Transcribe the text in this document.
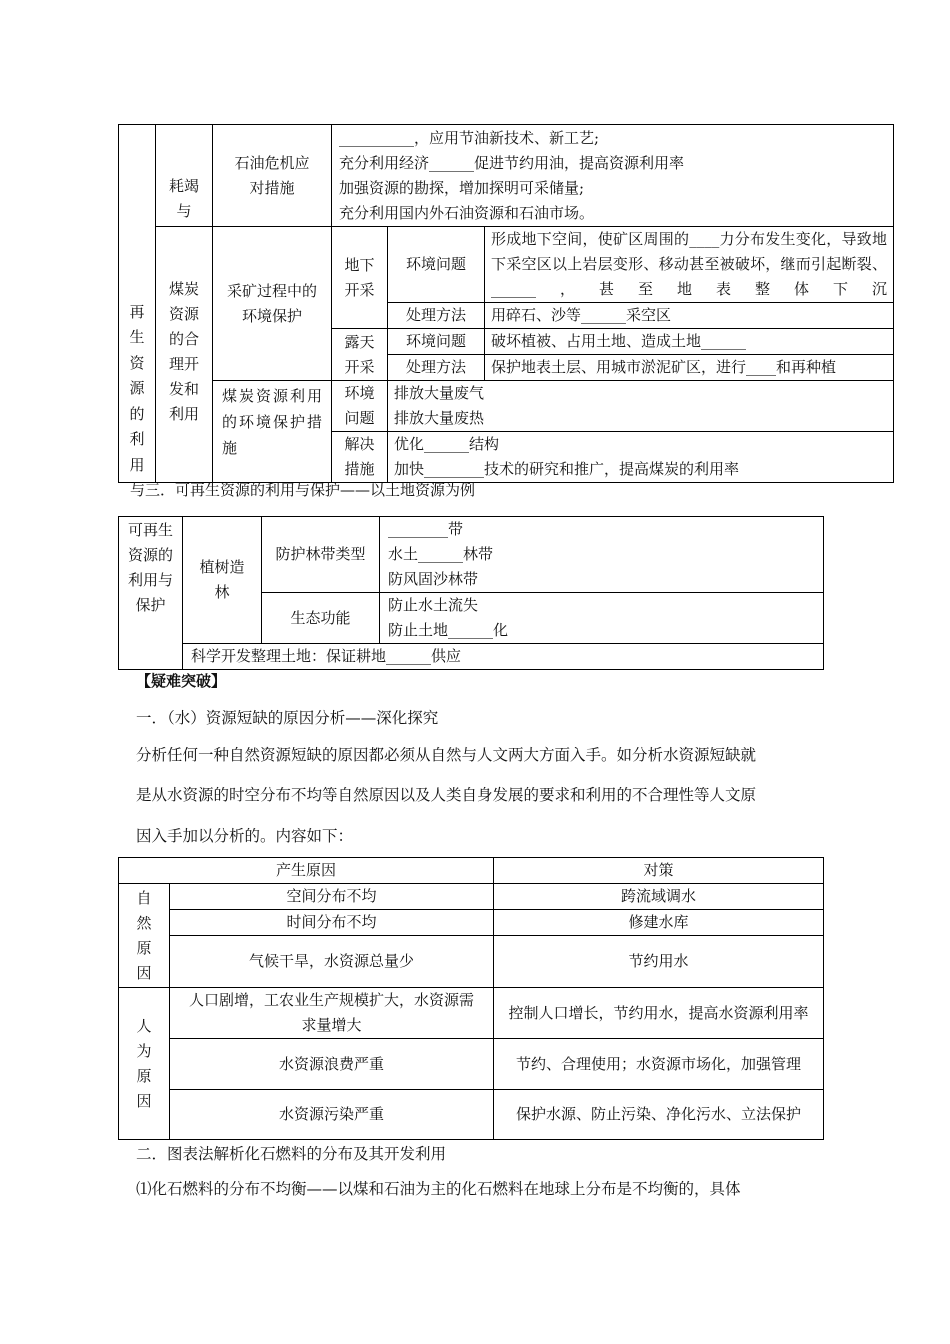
再生资源的利用	耗竭与	石油危机应对措施	__________，应用节油新技术、新工艺;
充分利用经济______促进节约用油，提高资源利用率
加强资源的勘探，增加探明可采储量;
充分利用国内外石油资源和石油市场。		

	煤炭资源的合理开发和利用	采矿过程中的环境保护	地下开采	环境问题	形成地下空间，使矿区周围的____力分布发生变化，导致地下采空区以上岩层变形、移动甚至被破坏，继而引起断裂、______，甚至地表整体下沉

				处理方法	用碎石、沙等______采空区

			露天开采	环境问题	破坏植被、占用土地、造成土地______
				处理方法	保护地表土层、用城市淤泥矿区，进行____和再种植

		煤炭资源利用的环境保护措施	环境问题	排放大量废气
排放大量废热	

			解决措施	优化______结构
加快________技术的研究和推广，提高煤炭的利用率	
与三．可再生资源的利用与保护——以土地资源为例
可再生资源的利用与保护	植树造林	防护林带类型	________带
水土______林带
防风固沙林带

		生态功能	防止水土流失
防止土地______化

	科学开发整理土地：保证耕地______供应		
【疑难突破】
一．（水）资源短缺的原因分析——深化探究
分析任何一种自然资源短缺的原因都必须从自然与人文两大方面入手。如分析水资源短缺就
是从水资源的时空分布不均等自然原因以及人类自身发展的要求和利用的不合理性等人文原
因入手加以分析的。内容如下：
产生原因		对策

自然原因	空间分布不均	跨流域调水
	时间分布不均	修建水库
	气候干旱，水资源总量少	节约用水

人为原因	人口剧增，工农业生产规模扩大，水资源需求量增大	控制人口增长，节约用水，提高水资源利用率

	水资源浪费严重	节约、合理使用；水资源市场化，加强管理

	水资源污染严重	保护水源、防止污染、净化污水、立法保护
二．图表法解析化石燃料的分布及其开发利用
⑴化石燃料的分布不均衡——以煤和石油为主的化石燃料在地球上分布是不均衡的，具体
